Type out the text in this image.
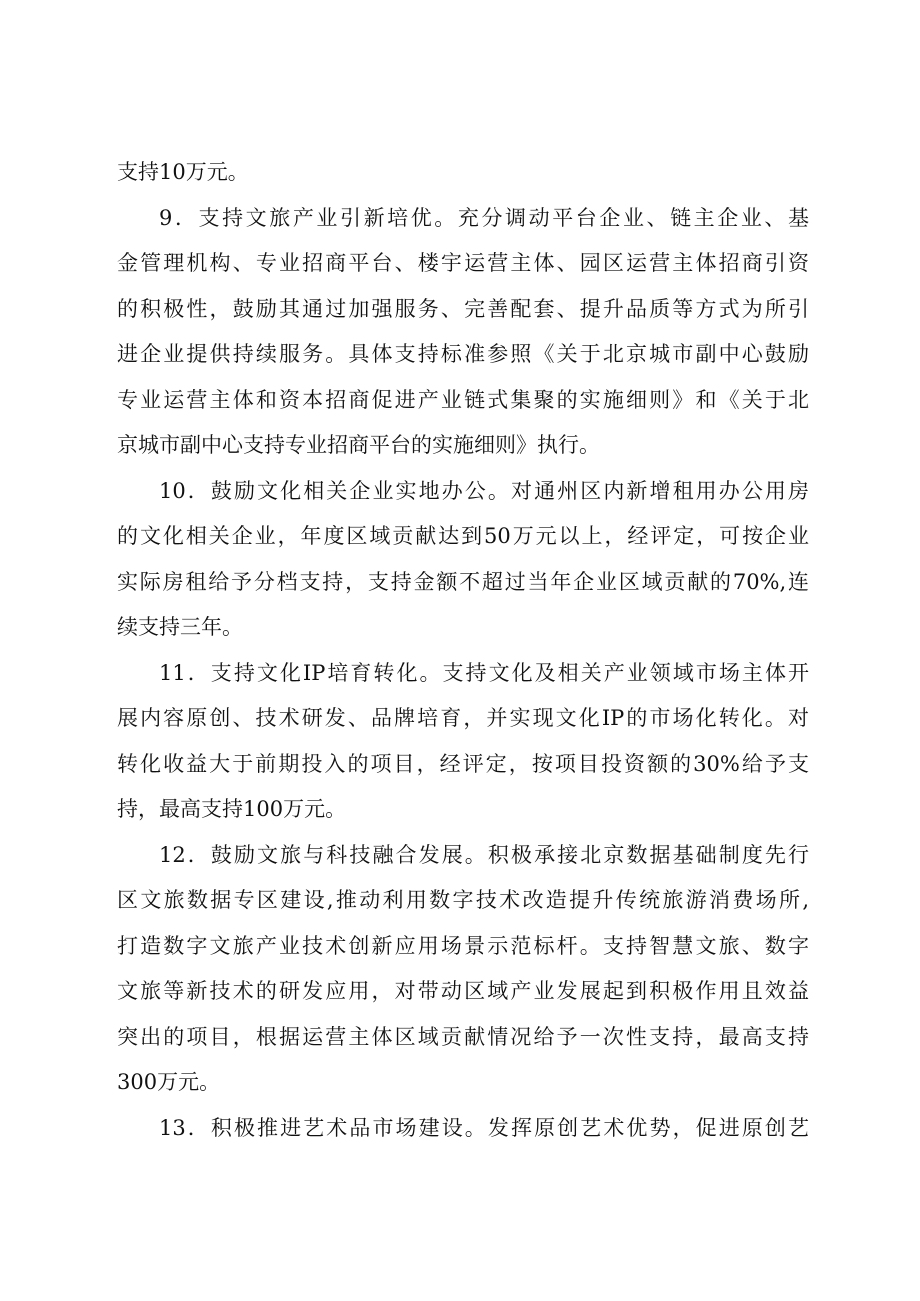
支持10万元。
9．支持文旅产业引新培优。充分调动平台企业、链主企业、基
金管理机构、专业招商平台、楼宇运营主体、园区运营主体招商引资
的积极性，鼓励其通过加强服务、完善配套、提升品质等方式为所引
进企业提供持续服务。具体支持标准参照《关于北京城市副中心鼓励
专业运营主体和资本招商促进产业链式集聚的实施细则》和《关于北
京城市副中心支持专业招商平台的实施细则》执行。
10．鼓励文化相关企业实地办公。对通州区内新增租用办公用房
的文化相关企业，年度区域贡献达到50万元以上，经评定，可按企业
实际房租给予分档支持，支持金额不超过当年企业区域贡献的70%,连
续支持三年。
11．支持文化IP培育转化。支持文化及相关产业领域市场主体开
展内容原创、技术研发、品牌培育，并实现文化IP的市场化转化。对
转化收益大于前期投入的项目，经评定，按项目投资额的30%给予支
持，最高支持100万元。
12．鼓励文旅与科技融合发展。积极承接北京数据基础制度先行
区文旅数据专区建设,推动利用数字技术改造提升传统旅游消费场所,
打造数字文旅产业技术创新应用场景示范标杆。支持智慧文旅、数字
文旅等新技术的研发应用，对带动区域产业发展起到积极作用且效益
突出的项目，根据运营主体区域贡献情况给予一次性支持，最高支持
300万元。
13．积极推进艺术品市场建设。发挥原创艺术优势，促进原创艺
